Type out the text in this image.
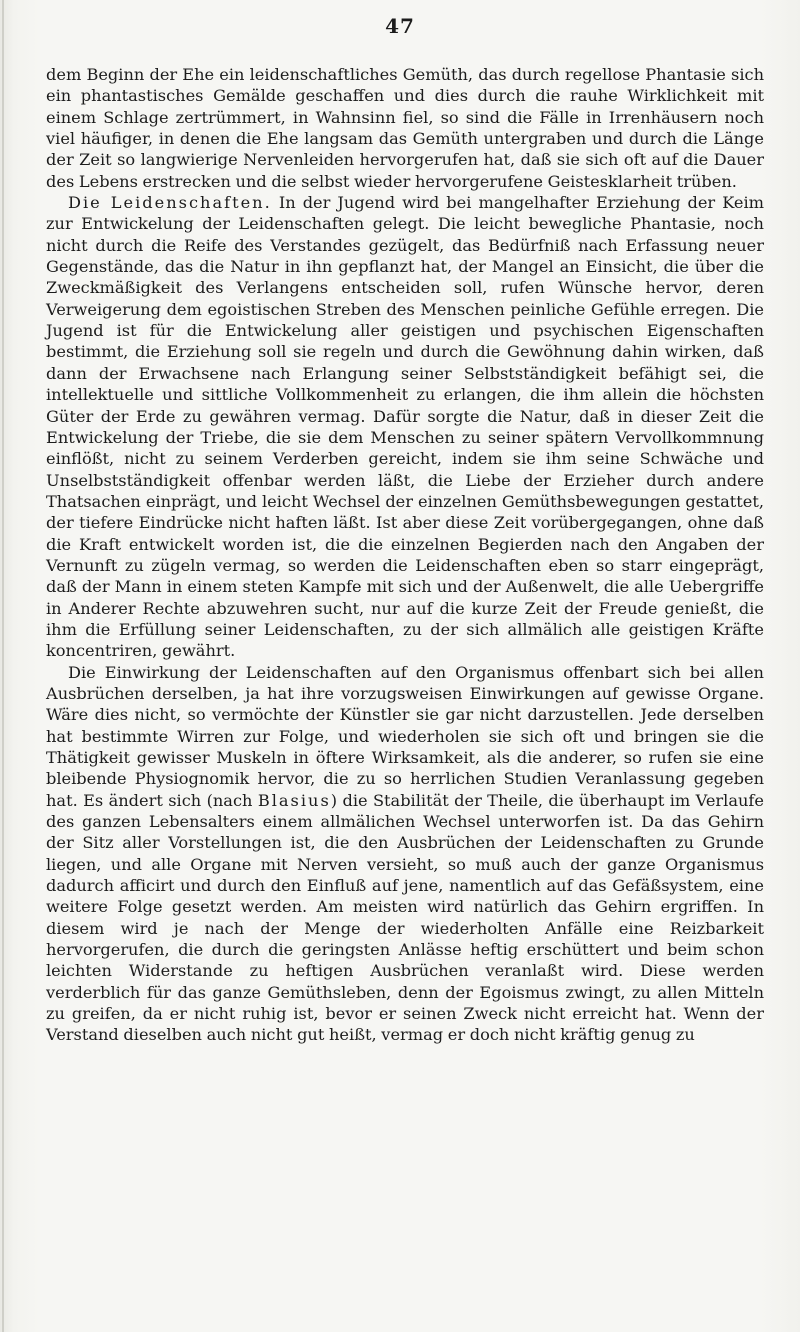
47

dem Beginn der Ehe ein leidenschaftliches Gemüth, das durch regellose Phantasie sich ein phantastisches Gemälde geschaffen und dies durch die rauhe Wirklichkeit mit einem Schlage zertrümmert, in Wahnsinn fiel, so sind die Fälle in Irrenhäusern noch viel häufiger, in denen die Ehe langsam das Gemüth untergraben und durch die Länge der Zeit so langwierige Nervenleiden hervorgerufen hat, daß sie sich oft auf die Dauer des Lebens erstrecken und die selbst wieder hervorgerufene Geistesklarheit trüben.

Die Leidenschaften. In der Jugend wird bei mangelhafter Erziehung der Keim zur Entwickelung der Leidenschaften gelegt. Die leicht bewegliche Phantasie, noch nicht durch die Reife des Verstandes gezügelt, das Bedürfniß nach Erfassung neuer Gegenstände, das die Natur in ihn gepflanzt hat, der Mangel an Einsicht, die über die Zweckmäßigkeit des Verlangens entscheiden soll, rufen Wünsche hervor, deren Verweigerung dem egoistischen Streben des Menschen peinliche Gefühle erregen. Die Jugend ist für die Entwickelung aller geistigen und psychischen Eigenschaften bestimmt, die Erziehung soll sie regeln und durch die Gewöhnung dahin wirken, daß dann der Erwachsene nach Erlangung seiner Selbstständigkeit befähigt sei, die intellektuelle und sittliche Vollkommenheit zu erlangen, die ihm allein die höchsten Güter der Erde zu gewähren vermag. Dafür sorgte die Natur, daß in dieser Zeit die Entwickelung der Triebe, die sie dem Menschen zu seiner spätern Vervollkommnung einflößt, nicht zu seinem Verderben gereicht, indem sie ihm seine Schwäche und Unselbstständigkeit offenbar werden läßt, die Liebe der Erzieher durch andere Thatsachen einprägt, und leicht Wechsel der einzelnen Gemüthsbewegungen gestattet, der tiefere Eindrücke nicht haften läßt. Ist aber diese Zeit vorübergegangen, ohne daß die Kraft entwickelt worden ist, die die einzelnen Begierden nach den Angaben der Vernunft zu zügeln vermag, so werden die Leidenschaften eben so starr eingeprägt, daß der Mann in einem steten Kampfe mit sich und der Außenwelt, die alle Uebergriffe in Anderer Rechte abzuwehren sucht, nur auf die kurze Zeit der Freude genießt, die ihm die Erfüllung seiner Leidenschaften, zu der sich allmälich alle geistigen Kräfte koncentriren, gewährt.

Die Einwirkung der Leidenschaften auf den Organismus offenbart sich bei allen Ausbrüchen derselben, ja hat ihre vorzugsweisen Einwirkungen auf gewisse Organe. Wäre dies nicht, so vermöchte der Künstler sie gar nicht darzustellen. Jede derselben hat bestimmte Wirren zur Folge, und wiederholen sie sich oft und bringen sie die Thätigkeit gewisser Muskeln in öftere Wirksamkeit, als die anderer, so rufen sie eine bleibende Physiognomik hervor, die zu so herrlichen Studien Veranlassung gegeben hat. Es ändert sich (nach Blasius) die Stabilität der Theile, die überhaupt im Verlaufe des ganzen Lebensalters einem allmälichen Wechsel unterworfen ist. Da das Gehirn der Sitz aller Vorstellungen ist, die den Ausbrüchen der Leidenschaften zu Grunde liegen, und alle Organe mit Nerven versieht, so muß auch der ganze Organismus dadurch afficirt und durch den Einfluß auf jene, namentlich auf das Gefäßsystem, eine weitere Folge gesetzt werden. Am meisten wird natürlich das Gehirn ergriffen. In diesem wird je nach der Menge der wiederholten Anfälle eine Reizbarkeit hervorgerufen, die durch die geringsten Anlässe heftig erschüttert und beim schon leichten Widerstande zu heftigen Ausbrüchen veranlaßt wird. Diese werden verderblich für das ganze Gemüthsleben, denn der Egoismus zwingt, zu allen Mitteln zu greifen, da er nicht ruhig ist, bevor er seinen Zweck nicht erreicht hat. Wenn der Verstand dieselben auch nicht gut heißt, vermag er doch nicht kräftig genug zu
